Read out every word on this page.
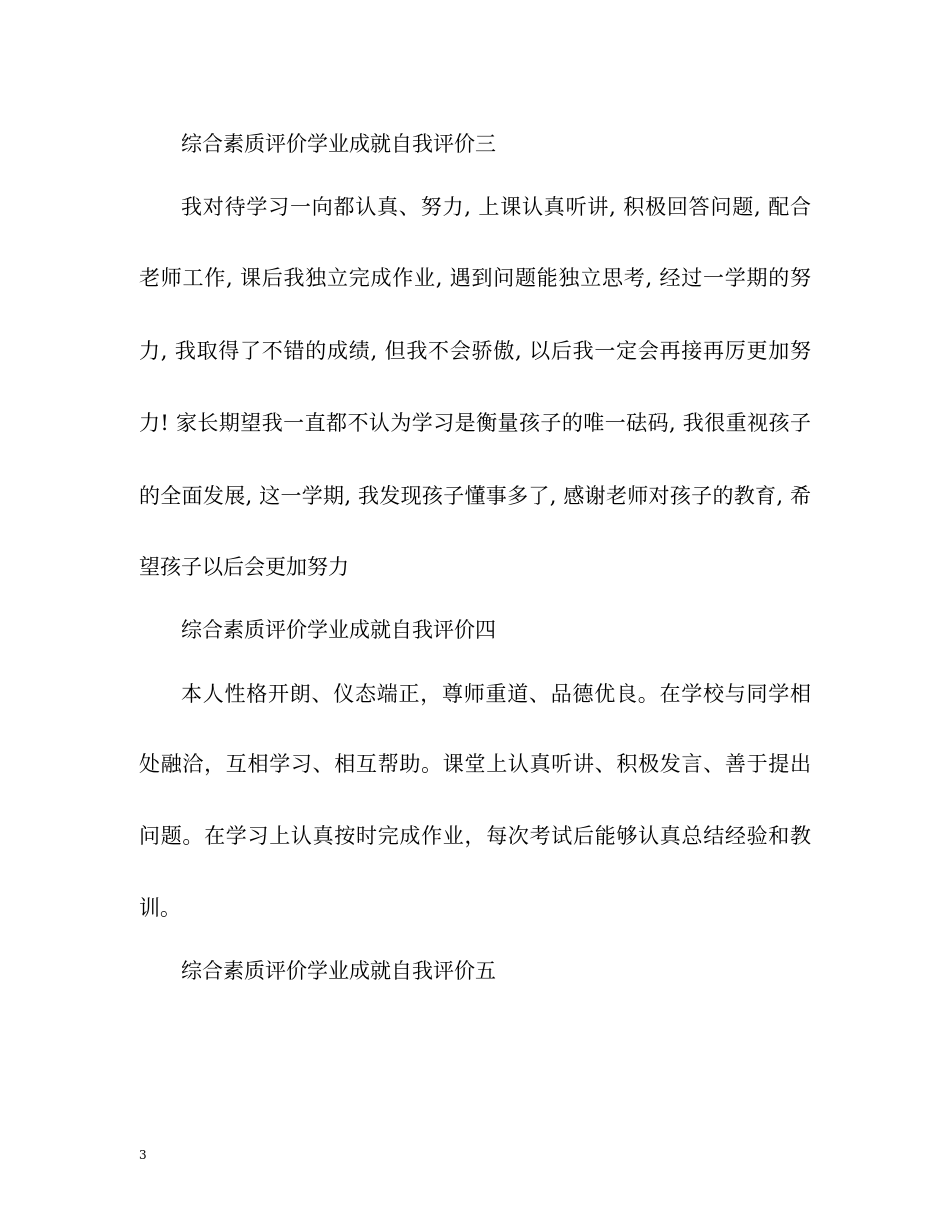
综合素质评价学业成就自我评价三
我对待学习一向都认真、努力, 上课认真听讲, 积极回答问题, 配合
老师工作, 课后我独立完成作业, 遇到问题能独立思考, 经过一学期的努
力, 我取得了不错的成绩, 但我不会骄傲, 以后我一定会再接再厉更加努
力! 家长期望我一直都不认为学习是衡量孩子的唯一砝码, 我很重视孩子
的全面发展, 这一学期, 我发现孩子懂事多了, 感谢老师对孩子的教育, 希
望孩子以后会更加努力
综合素质评价学业成就自我评价四
本人性格开朗、仪态端正，尊师重道、品德优良。在学校与同学相
处融洽，互相学习、相互帮助。课堂上认真听讲、积极发言、善于提出
问题。在学习上认真按时完成作业，每次考试后能够认真总结经验和教
训。
综合素质评价学业成就自我评价五
3
